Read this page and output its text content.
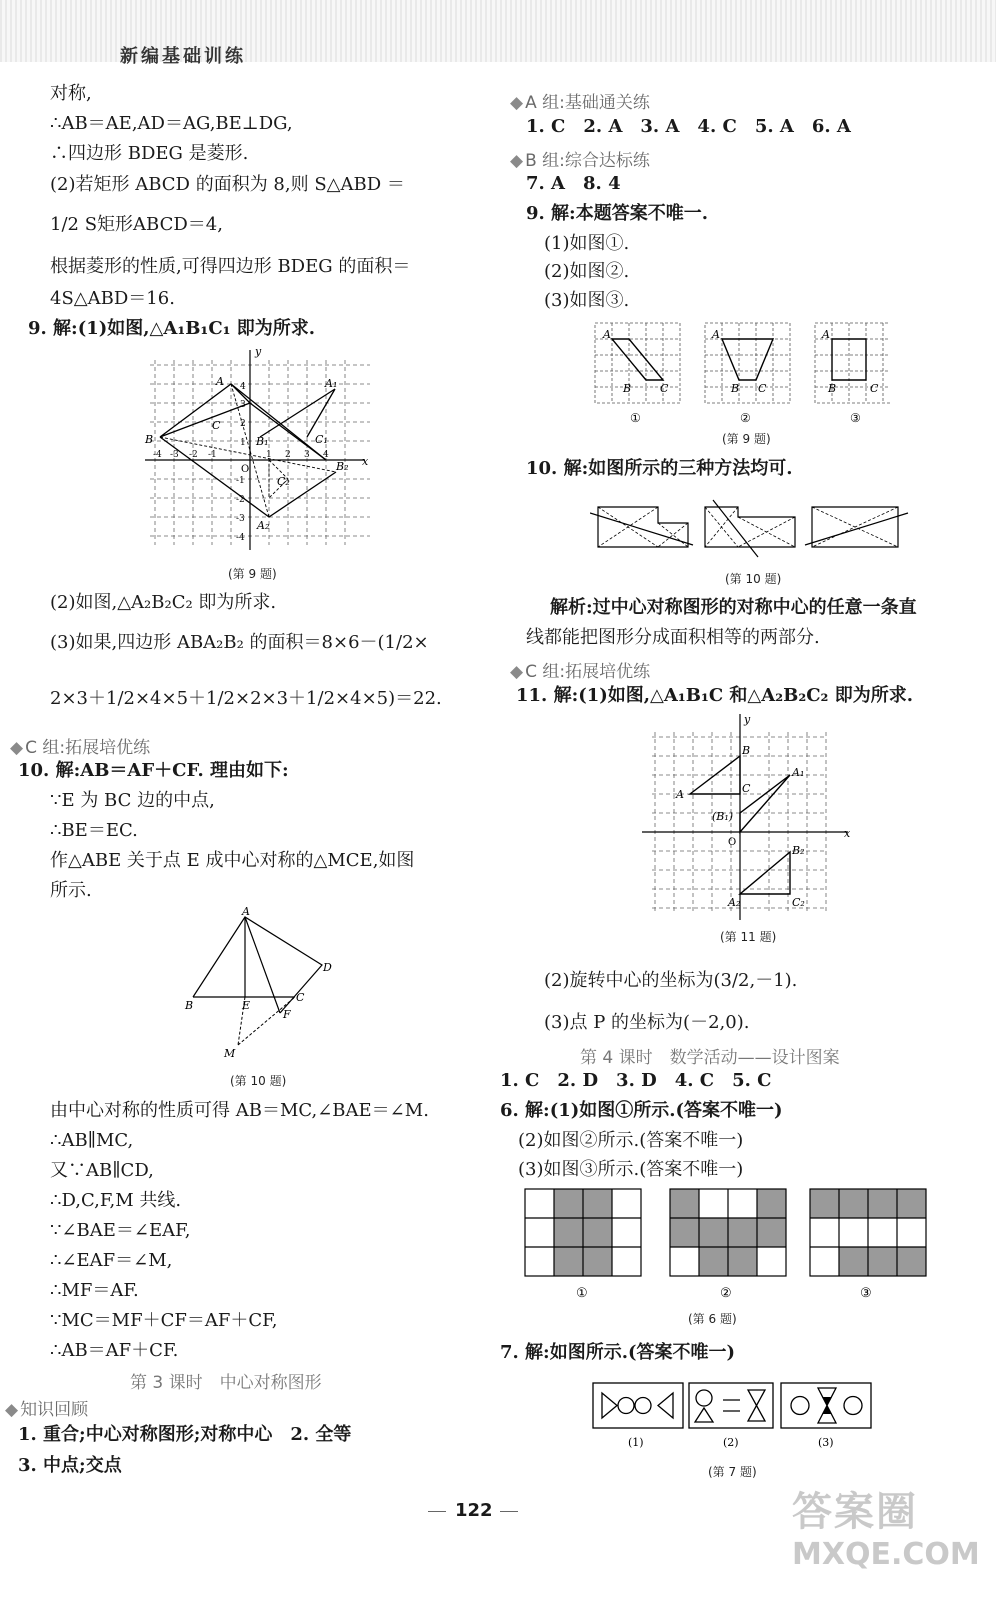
新编基础训练
对称,
∴AB＝AE,AD＝AG,BE⊥DG,
∴四边形 BDEG 是菱形.
(2)若矩形 ABCD 的面积为 8,则 S△ABD ＝
1/2 S矩形ABCD＝4,
根据菱形的性质,可得四边形 BDEG 的面积＝
4S△ABD＝16.
9. 解:(1)如图,△A₁B₁C₁ 即为所求.
x
y
O
-4 -3 -2 -1	1 2 3 4
4
3
2
1
-1
-2
-3
-4
B
A
C
A₁
B₁	C₁
B₂
C₂
A₂
(第 9 题)
(2)如图,△A₂B₂C₂ 即为所求.
(3)如果,四边形 ABA₂B₂ 的面积＝8×6－(1/2×
2×3＋1/2×4×5＋1/2×2×3＋1/2×4×5)＝22.
◆ C 组:拓展培优练
10. 解:AB＝AF＋CF. 理由如下:
∵E 为 BC 边的中点,
∴BE＝EC.
作△ABE 关于点 E 成中心对称的△MCE,如图
所示.
A
B	E
C
D
F
M
(第 10 题)
由中心对称的性质可得 AB＝MC,∠BAE＝∠M.
∴AB∥MC,
又∵AB∥CD,
∴D,C,F,M 共线.
∵∠BAE＝∠EAF,
∴∠EAF＝∠M,
∴MF＝AF.
∵MC＝MF＋CF＝AF＋CF,
∴AB＝AF＋CF.
第 3 课时　中心对称图形
◆ 知识回顾
1. 重合;中心对称图形;对称中心　2. 全等
3. 中点;交点
◆ A 组:基础通关练
1. C　2. A　3. A　4. C　5. A　6. A
◆ B 组:综合达标练
7. A　8. 4
9. 解:本题答案不唯一.
(1)如图①.
(2)如图②.
(3)如图③.
A
B	C
A
B C
A
B	C
①	②	③
(第 9 题)
10. 解:如图所示的三种方法均可.
(第 10 题)
解析:过中心对称图形的对称中心的任意一条直
线都能把图形分成面积相等的两部分.
◆ C 组:拓展培优练
11. 解:(1)如图,△A₁B₁C 和△A₂B₂C₂ 即为所求.
x
y
O
B
A	C
A₁
(B₁)
B₂
A₂	C₂
(第 11 题)
(2)旋转中心的坐标为(3/2,－1).
(3)点 P 的坐标为(－2,0).
第 4 课时　数学活动——设计图案
1. C　2. D　3. D　4. C　5. C
6. 解:(1)如图①所示.(答案不唯一)
(2)如图②所示.(答案不唯一)
(3)如图③所示.(答案不唯一)
①	②	③
(第 6 题)
7. 解:如图所示.(答案不唯一)
(1)	(2)	(3)
(第 7 题)
122	答案圈
MXQE.COM
